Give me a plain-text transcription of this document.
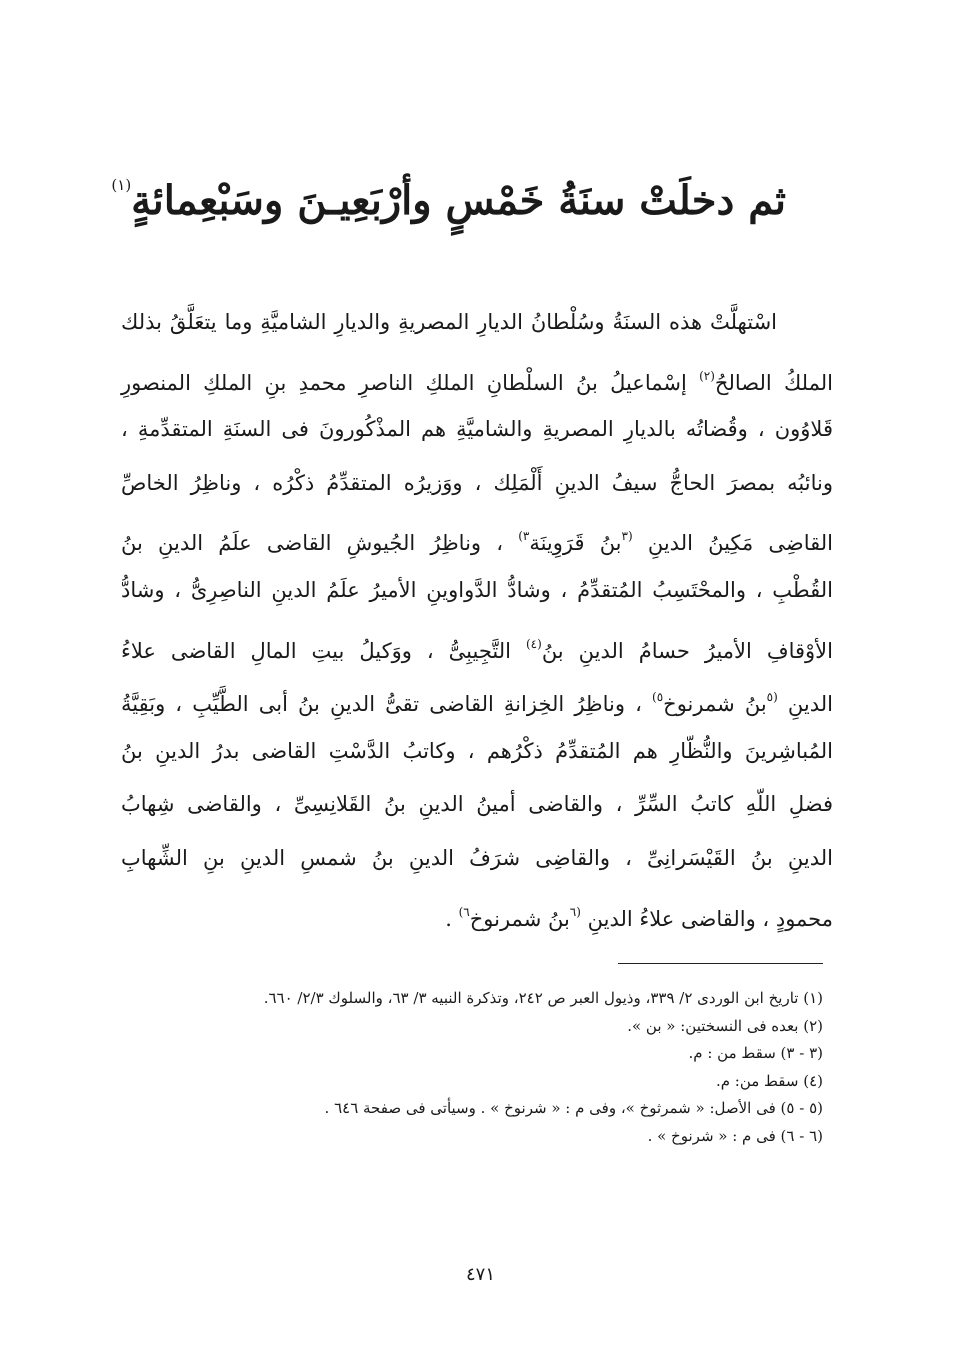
ثم دخلَتْ سنَةُ خَمْسٍ وأرْبَعِيـنَ وسَبْعِمائةٍ$^{(١)}$
اسْتهلَّتْ هذه السنَةُ وسُلْطانُ الديارِ المصريةِ والديارِ الشاميَّةِ وما يتعَلَّقُ بذلك
الملكُ الصالحُ$^{(٢)}$ إسْماعيلُ بنُ السلْطانِ الملكِ الناصرِ محمدِ بنِ الملكِ المنصورِ
قَلاوُون ، وقُضاتُه بالديارِ المصريةِ والشاميَّةِ هم المذْكُورونَ فى السنَةِ المتقدِّمةِ ،
ونائبُه بمصرَ الحاجُّ سيفُ الدينِ أَلْمَلِك ، ووَزيرُه المتقدِّمُ ذكْرُه ، وناظِرُ الخاصِّ
القاضِى مَكِينُ الدينِ $^{(٣}$بنُ قَرَوِينَة$^{٣)}$ ، وناظِرُ الجُيوشِ القاضى علَمُ الدينِ بنُ
القُطْبِ ، والمحْتَسِبُ المُتقدِّمُ ، وشادُّ الدَّواوينِ الأميرُ علَمُ الدينِ الناصِرِىُّ ، وشادُّ
الأوْقافِ الأميرُ حسامُ الدينِ بنُ$^{(٤)}$ التَّجِيبِىُّ ، ووَكيلُ بيتِ المالِ القاضى علاءُ
الدينِ $^{(٥}$بنُ شمرنوخ$^{٥)}$ ، وناظِرُ الخِزانةِ القاضى تقىُّ الدينِ بنُ أبى الطَّيِّبِ ، وبَقِيَّةُ
المُباشِرينَ والنُّظّارِ هم المُتقدِّمُ ذكْرُهم ، وكاتبُ الدَّسْتِ القاضى بدرُ الدينِ بنُ
فضلِ اللّهِ كاتبُ السِّرِّ ، والقاضى أمينُ الدينِ بنُ القَلانِسِىِّ ، والقاضى شِهابُ
الدينِ بنُ القَيْسَرانِىِّ ، والقاضِى شرَفُ الدينِ بنُ شمسِ الدينِ بنِ الشِّهابِ
محمودٍ ، والقاضى علاءُ الدينِ $^{(٦}$بنُ شمرنوخ$^{٦)}$ .
(١) تاريخ ابن الوردى ٢/ ٣٣٩، وذيول العبر ص ٢٤٢، وتذكرة النبيه ٣/ ٦٣، والسلوك ٢/٣/ ٦٦٠.
(٢) بعده فى النسختين: « بن ».
(٣ - ٣) سقط من : م.
(٤) سقط من: م.
(٥ - ٥) فى الأصل: « شمرثوخ »، وفى م : « شرنوخ » . وسيأتى فى صفحة ٦٤٦ .
(٦ - ٦) فى م : « شرنوخ » .
٤٧١
